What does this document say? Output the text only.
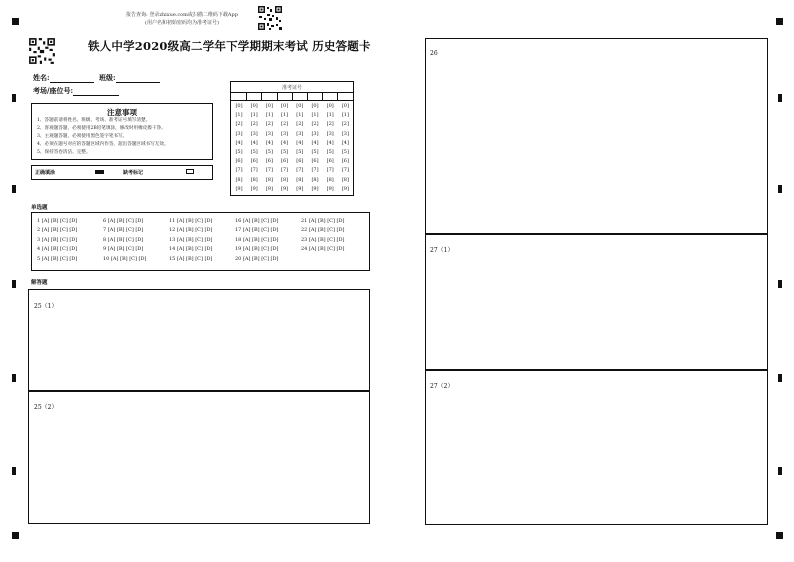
报告查询: 登录zhixue.com或扫描二维码下载App
(用户名和初始密码均为准考证号)
铁人中学2020级高二学年下学期期末考试 历史答题卡
姓名:	班级:
考场/座位号:
注意事项
1、答题前请将姓名、班级、考场、准考证号填写清楚。
2、客观题答题，必须使用2B铅笔填涂，修改时用橡皮擦干净。
3、主观题答题，必须使用黑色签字笔书写。
4、必须在题号对应的答题区域内作答，超出答题区域书写无效。
5、保持答卷清洁、完整。
正确填涂	缺考标记
准考证号
[0]
[1]
[2]
[3]
[4]
[5]
[6]
[7]
[8]
[9]
[0]
[1]
[2]
[3]
[4]
[5]
[6]
[7]
[8]
[9]
[0]
[1]
[2]
[3]
[4]
[5]
[6]
[7]
[8]
[9]
[0]
[1]
[2]
[3]
[4]
[5]
[6]
[7]
[8]
[9]
[0]
[1]
[2]
[3]
[4]
[5]
[6]
[7]
[8]
[9]
[0]
[1]
[2]
[3]
[4]
[5]
[6]
[7]
[8]
[9]
[0]
[1]
[2]
[3]
[4]
[5]
[6]
[7]
[8]
[9]
[0]
[1]
[2]
[3]
[4]
[5]
[6]
[7]
[8]
[9]
单选题
1 [A] [B] [C] [D]
2 [A] [B] [C] [D]
3 [A] [B] [C] [D]
4 [A] [B] [C] [D]
5 [A] [B] [C] [D]
6 [A] [B] [C] [D]
7 [A] [B] [C] [D]
8 [A] [B] [C] [D]
9 [A] [B] [C] [D]
10 [A] [B] [C] [D]
11 [A] [B] [C] [D]
12 [A] [B] [C] [D]
13 [A] [B] [C] [D]
14 [A] [B] [C] [D]
15 [A] [B] [C] [D]
16 [A] [B] [C] [D]
17 [A] [B] [C] [D]
18 [A] [B] [C] [D]
19 [A] [B] [C] [D]
20 [A] [B] [C] [D]
21 [A] [B] [C] [D]
22 [A] [B] [C] [D]
23 [A] [B] [C] [D]
24 [A] [B] [C] [D]
解答题
25（1）
25（2）
26
27（1）
27（2）
